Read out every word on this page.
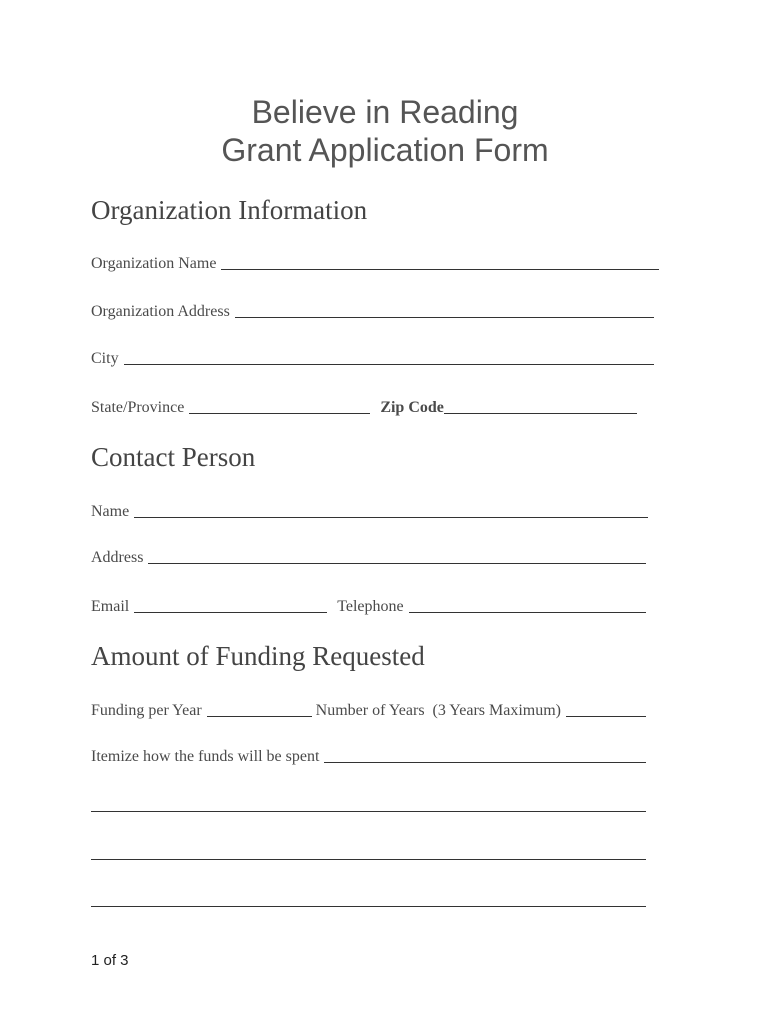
Believe in Reading
Grant Application Form
Organization Information
Organization Name
Organization Address
City
State/Province	Zip Code
Contact Person
Name
Address
Email	Telephone
Amount of Funding Requested
Funding per Year	Number of Years  (3 Years Maximum)
Itemize how the funds will be spent
1 of 3
